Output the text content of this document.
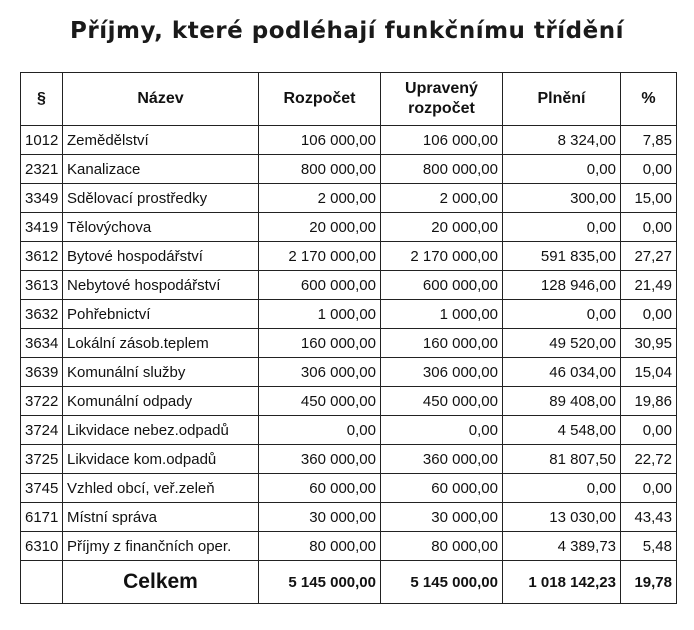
Příjmy, které podléhají funkčnímu třídění
§	Název	Rozpočet	Upravený rozpočet	Plnění	%
1012	Zemědělství	106 000,00	106 000,00	8 324,00	7,85
2321	Kanalizace	800 000,00	800 000,00	0,00	0,00
3349	Sdělovací prostředky	2 000,00	2 000,00	300,00	15,00
3419	Tělovýchova	20 000,00	20 000,00	0,00	0,00
3612	Bytové hospodářství	2 170 000,00	2 170 000,00	591 835,00	27,27
3613	Nebytové hospodářství	600 000,00	600 000,00	128 946,00	21,49
3632	Pohřebnictví	1 000,00	1 000,00	0,00	0,00
3634	Lokální zásob.teplem	160 000,00	160 000,00	49 520,00	30,95
3639	Komunální služby	306 000,00	306 000,00	46 034,00	15,04
3722	Komunální odpady	450 000,00	450 000,00	89 408,00	19,86
3724	Likvidace nebez.odpadů	0,00	0,00	4 548,00	0,00
3725	Likvidace kom.odpadů	360 000,00	360 000,00	81 807,50	22,72
3745	Vzhled obcí, veř.zeleň	60 000,00	60 000,00	0,00	0,00
6171	Místní správa	30 000,00	30 000,00	13 030,00	43,43
6310	Příjmy z finančních oper.	80 000,00	80 000,00	4 389,73	5,48
	Celkem	5 145 000,00	5 145 000,00	1 018 142,23	19,78
